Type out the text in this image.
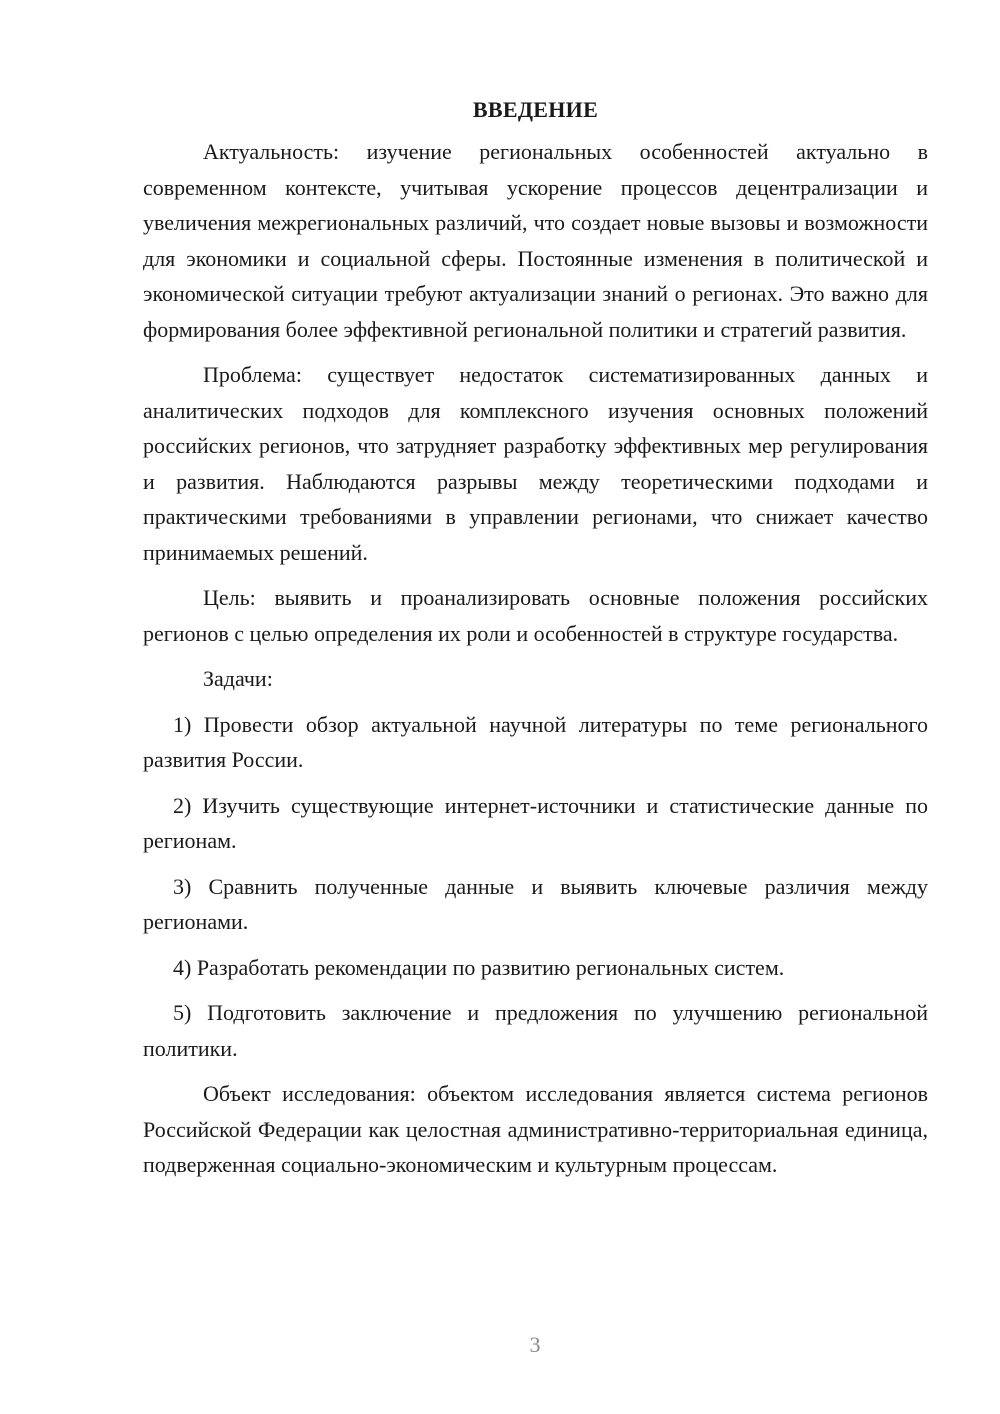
ВВЕДЕНИЕ

Актуальность: изучение региональных особенностей актуально в современном контексте, учитывая ускорение процессов децентрализации и увеличения межрегиональных различий, что создает новые вызовы и возможности для экономики и социальной сферы. Постоянные изменения в политической и экономической ситуации требуют актуализации знаний о регионах. Это важно для формирования более эффективной региональной политики и стратегий развития.

Проблема: существует недостаток систематизированных данных и аналитических подходов для комплексного изучения основных положений российских регионов, что затрудняет разработку эффективных мер регулирования и развития. Наблюдаются разрывы между теоретическими подходами и практическими требованиями в управлении регионами, что снижает качество принимаемых решений.

Цель: выявить и проанализировать основные положения российских регионов с целью определения их роли и особенностей в структуре государства.

Задачи:

1) Провести обзор актуальной научной литературы по теме регионального развития России.

2) Изучить существующие интернет-источники и статистические данные по регионам.

3) Сравнить полученные данные и выявить ключевые различия между регионами.

4) Разработать рекомендации по развитию региональных систем.

5) Подготовить заключение и предложения по улучшению региональной политики.

Объект исследования: объектом исследования является система регионов Российской Федерации как целостная административно-территориальная единица, подверженная социально-экономическим и культурным процессам.

3
